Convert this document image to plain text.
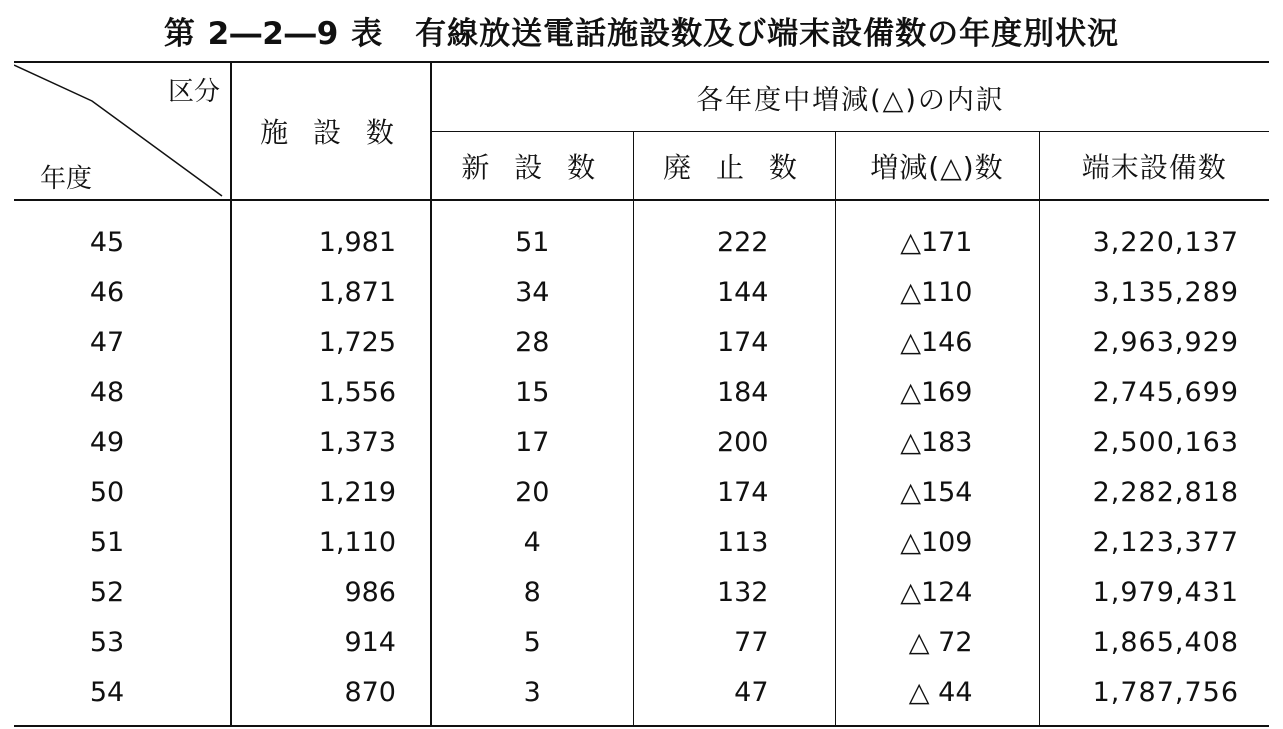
第 2―2―9 表　有線放送電話施設数及び端末設備数の年度別状況
区分
年度	施 設 数	各年度中増減(△)の内訳			
		新 設 数	廃 止 数	増減(△)数	端末設備数
45	1,981	51	222	△171	3,220,137
46	1,871	34	144	△110	3,135,289
47	1,725	28	174	△146	2,963,929
48	1,556	15	184	△169	2,745,699
49	1,373	17	200	△183	2,500,163
50	1,219	20	174	△154	2,282,818
51	1,110	4	113	△109	2,123,377
52	986	8	132	△124	1,979,431
53	914	5	77	△ 72	1,865,408
54	870	3	47	△ 44	1,787,756
